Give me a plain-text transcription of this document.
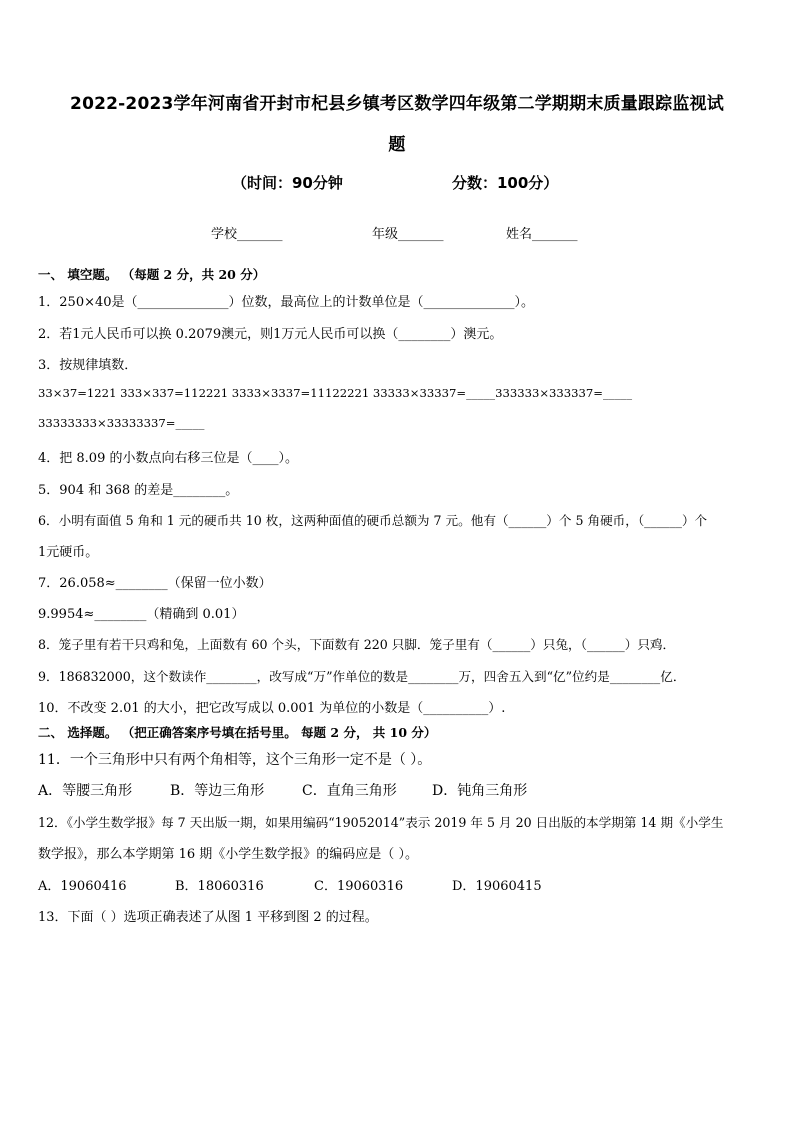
2022-2023学年河南省开封市杞县乡镇考区数学四年级第二学期期末质量跟踪监视试
题
（时间：90分钟	分数：100分）
学校_______	年级_______	姓名_______
一、 填空题。 （每题 2 分，共 20 分）
1．250×40是（______________）位数，最高位上的计数单位是（______________）。
2．若1元人民币可以换 0.2079澳元，则1万元人民币可以换（________）澳元。
3．按规律填数．
33×37=1221 333×337=112221 3333×3337=11122221 33333×33337=_____333333×333337=_____
33333333×33333337=_____
4．把 8.09 的小数点向右移三位是（____）。
5．904 和 368 的差是________。
6．小明有面值 5 角和 1 元的硬币共 10 枚，这两种面值的硬币总额为 7 元。他有（______）个 5 角硬币，（______）个
1元硬币。
7．26.058≈________（保留一位小数）
9.9954≈________（精确到 0.01）
8．笼子里有若干只鸡和兔，上面数有 60 个头，下面数有 220 只脚．笼子里有（______）只兔，（______）只鸡．
9．186832000，这个数读作________，改写成“万”作单位的数是________万，四舍五入到“亿”位约是________亿．
10．不改变 2.01 的大小，把它改写成以 0.001 为单位的小数是（__________）.
二、 选择题。 （把正确答案序号填在括号里。 每题 2 分， 共 10 分）
11．一个三角形中只有两个角相等，这个三角形一定不是（ ）。
A．等腰三角形	B．等边三角形	C．直角三角形	D．钝角三角形
12．《小学生数学报》每 7 天出版一期，如果用编码“19052014”表示 2019 年 5 月 20 日出版的本学期第 14 期《小学生
数学报》，那么本学期第 16 期《小学生数学报》的编码应是（ ）。
A．19060416	B．18060316	C．19060316	D．19060415
13．下面（ ）选项正确表述了从图 1 平移到图 2 的过程。
